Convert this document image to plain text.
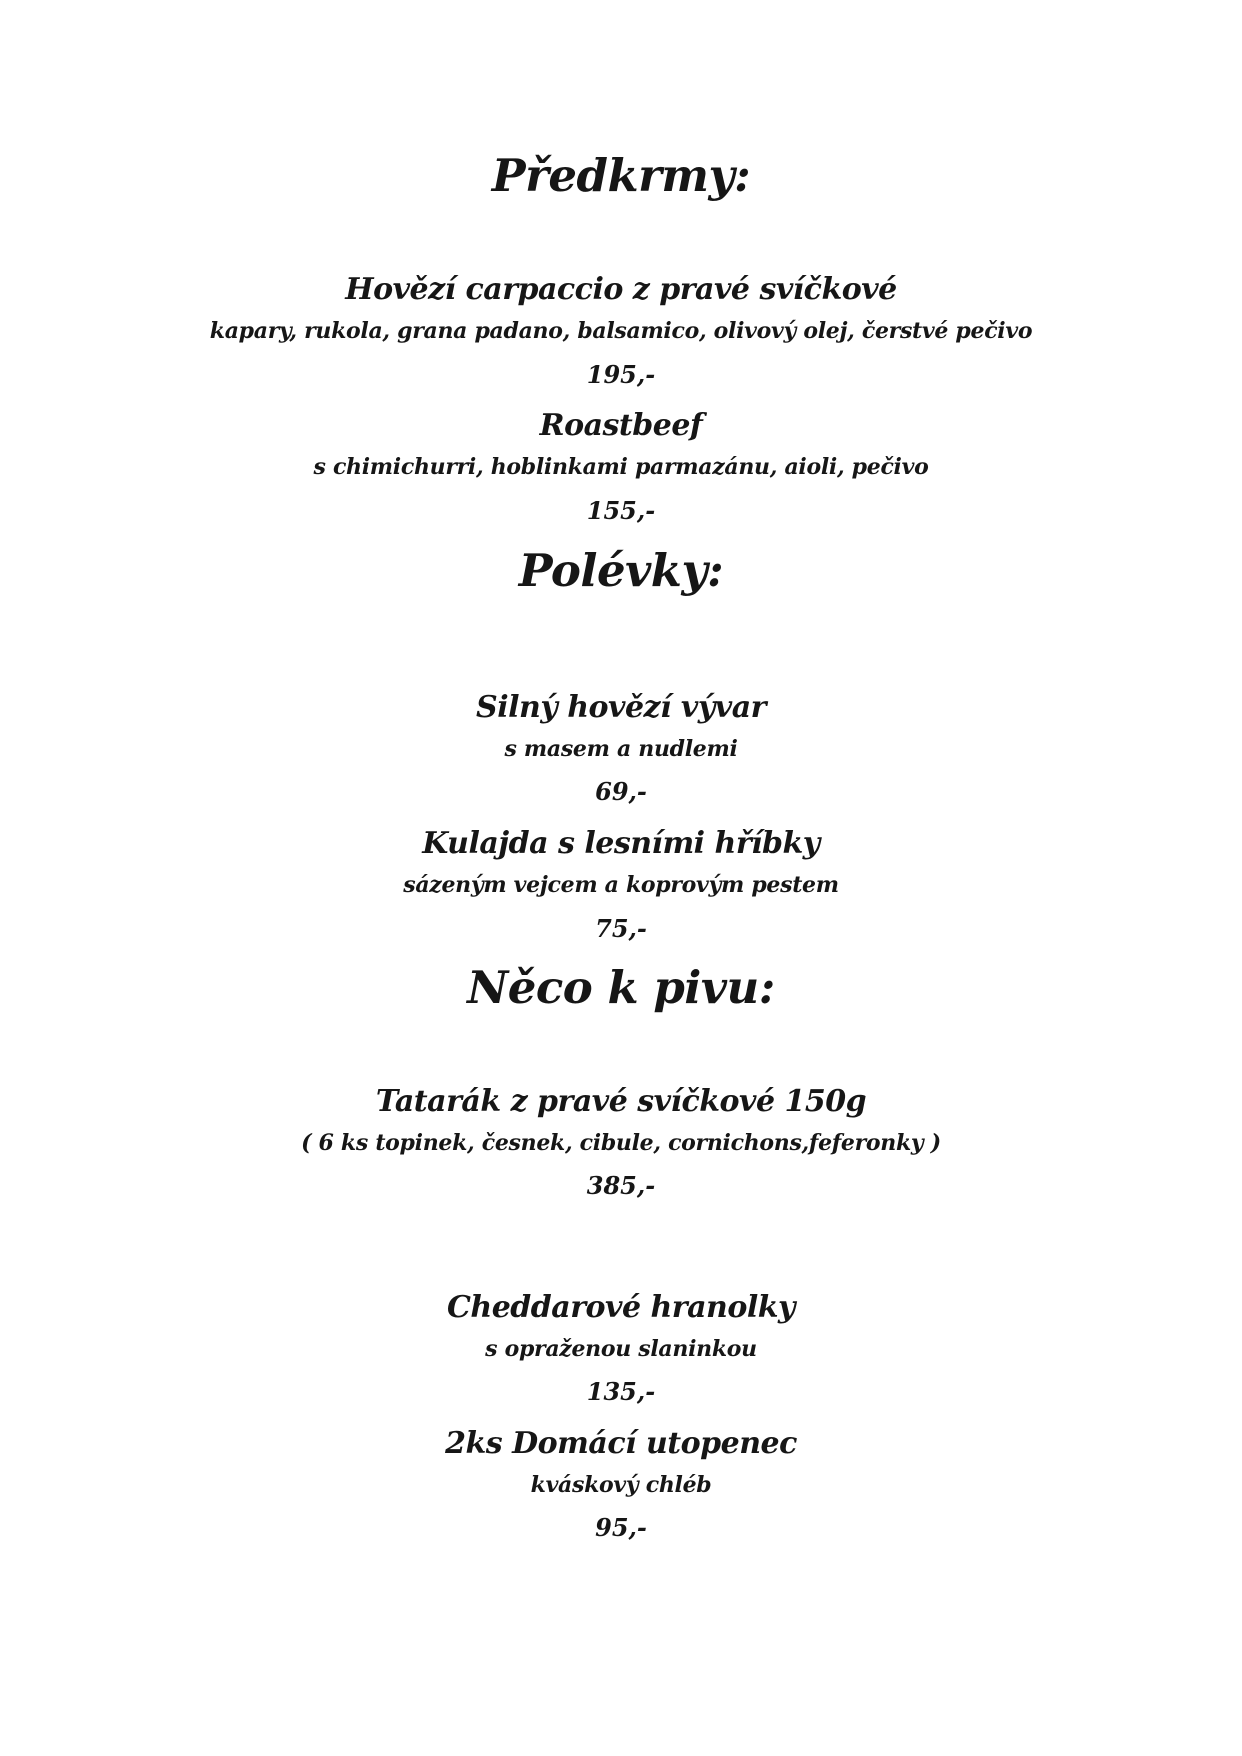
Předkrmy:
Hovězí carpaccio z pravé svíčkové
kapary, rukola, grana padano, balsamico, olivový olej, čerstvé pečivo
195,-
Roastbeef
s chimichurri, hoblinkami parmazánu, aioli, pečivo
155,-
Polévky:
Silný hovězí vývar
s masem a nudlemi
69,-
Kulajda s lesními hříbky
sázeným vejcem a koprovým pestem
75,-
Něco k pivu:
Tatarák z pravé svíčkové 150g
( 6 ks topinek, česnek, cibule, cornichons,feferonky )
385,-
Cheddarové hranolky
s opraženou slaninkou
135,-
2ks Domácí utopenec
kváskový chléb
95,-
